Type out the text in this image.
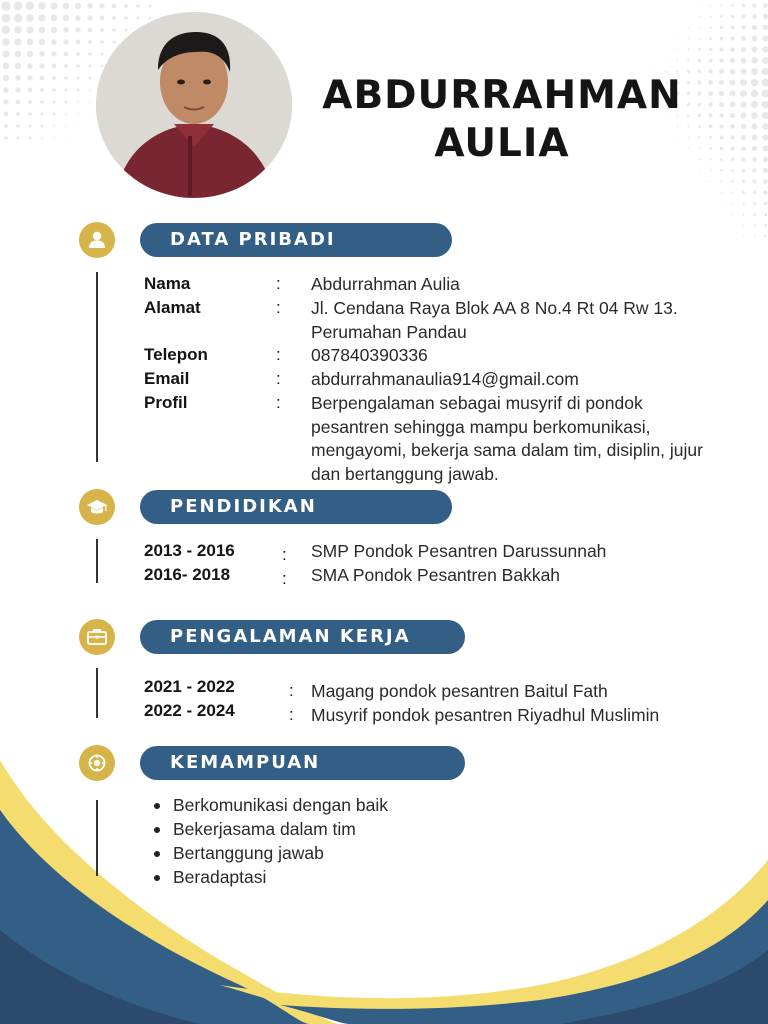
ABDURRAHMAN
AULIA
DATA PRIBADI
Nama	: Abdurrahman Aulia
Alamat	: Jl. Cendana Raya Blok AA 8 No.4 Rt 04 Rw 13.
Perumahan Pandau
Telepon	: 087840390336
Email	: abdurrahmanaulia914@gmail.com
Profil	: Berpengalaman sebagai musyrif di pondok
pesantren sehingga mampu berkomunikasi,
mengayomi, bekerja sama dalam tim, disiplin, jujur
dan bertanggung jawab.
PENDIDIKAN
2013 - 2016	: SMP Pondok Pesantren Darussunnah
2016- 2018	: SMA Pondok Pesantren Bakkah
PENGALAMAN KERJA
2021 - 2022	: Magang pondok pesantren Baitul Fath
2022 - 2024	: Musyrif pondok pesantren Riyadhul Muslimin
KEMAMPUAN
Berkomunikasi dengan baik
Bekerjasama dalam tim
Bertanggung jawab
Beradaptasi
